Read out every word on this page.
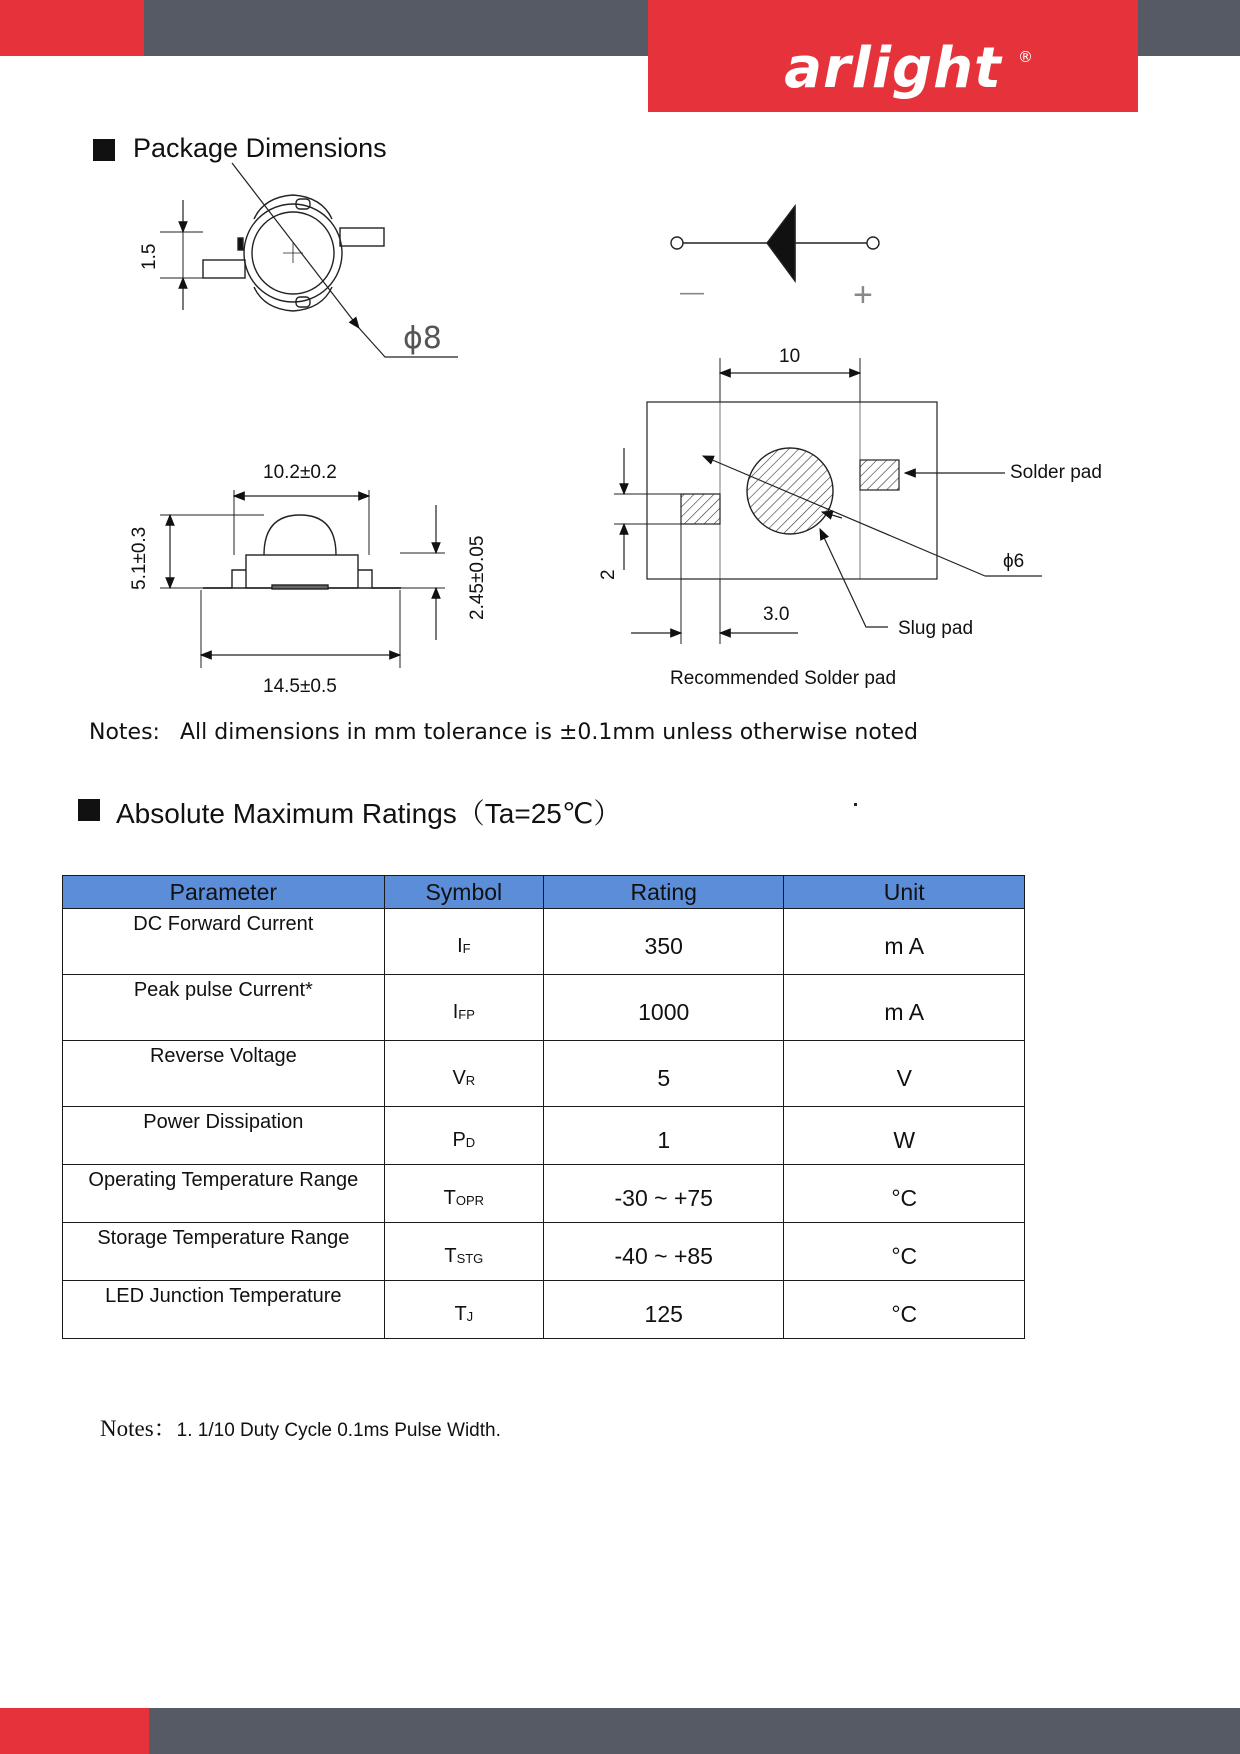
arlight	®
Package Dimensions
1.5
ϕ8
10.2±0.2
5.1±0.3	2.45±0.05
14.5±0.5
—	+
10
Solder pad
ϕ6
2
3.0
Slug pad
Recommended Solder pad
Notes: All dimensions in mm tolerance is ±0.1mm unless otherwise noted
Absolute Maximum Ratings（Ta=25℃）
Parameter	Symbol	Rating	Unit
DC Forward Current	$I_F$	350	m A
Peak pulse Current*	$I_{FP}$	1000	m A
Reverse Voltage	$V_R$	5	V
Power Dissipation	$P_D$	1	W
Operating Temperature Range	$T_{OPR}$	-30 ~ +75	°C
Storage Temperature Range	$T_{STG}$	-40 ~ +85	°C
LED Junction Temperature	$T_J$	125	°C
Notes：1. 1/10 Duty Cycle 0.1ms Pulse Width.
